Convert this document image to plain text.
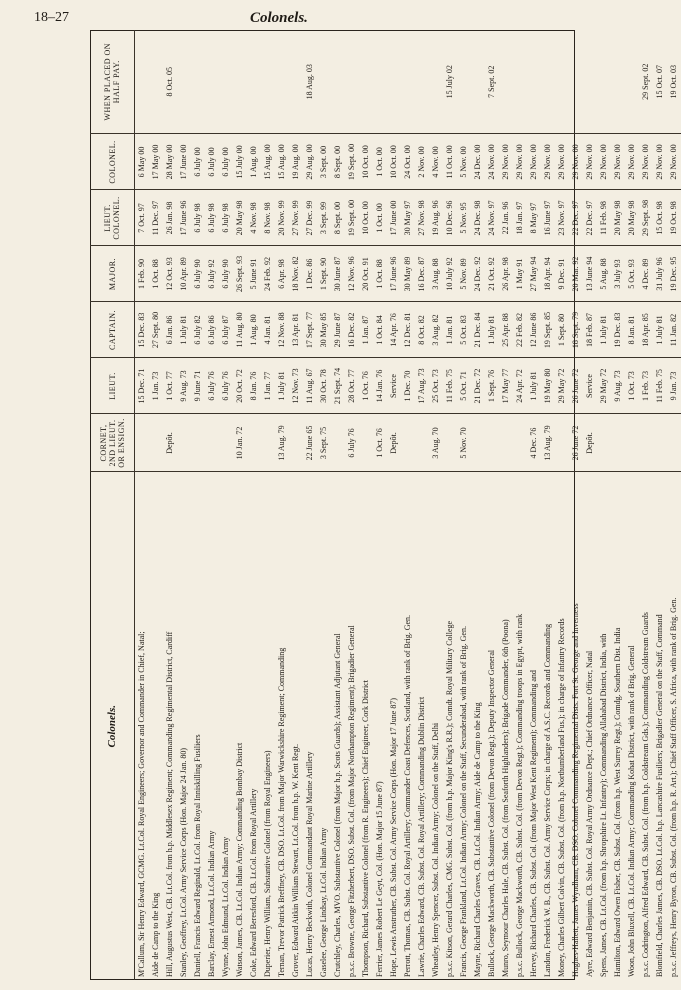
18–27	Colonels.
Colonels.	CORNET, 2ND LIEUT. OR ENSIGN.	LIEUT.	CAPTAIN.	MAJOR.	LIEUT. COLONEL.	COLONEL.	WHEN PLACED ON HALF PAY.
M'Callum, Sir Henry Edward, GCMG. Lt.Col. Royal Engineers; Governor and Commander in Chief, Natal;		15 Dec. 71	15 Dec. 83	1 Feb. 90	7 Oct. 97	6 May 00	
Aide de Camp to the King		1 Jan. 73	27 Sept. 80	1 Oct. 88	11 Dec. 97	17 May 00	
Hill, Augustus West, CB. Lt.Col. from h.p. Middlesex Regiment; Commanding Regimental District, Cardiff	Depôt.	1 Oct. 77	6 Jan. 86	12 Oct. 93	26 Jan. 98	28 May 00	8 Oct. 05
Stanley, Geoffrey, Lt.Col. Army Service Corps (Hon. Major 24 Jan. 80)		9 Aug. 73	1 July 81	10 Apr. 89	17 June 96	17 June 00	
Daniell, Francis Edward Reginald, Lt.Col. from Royal Inniskilling Fusiliers		9 June 71	6 July 82	6 July 90	6 July 98	6 July 00	
Barclay, Ernest Armond, Lt.Col. Indian Army		6 July 76	6 July 86	6 July 92	6 July 98	6 July 00	
Wynne, John Edmund, Lt.Col. Indian Army		6 July 76	6 July 87	6 July 90	6 July 98	6 July 00	
Watson, James, CB. Lt.Col. Indian Army; Commanding Bombay District	10 Jan. 72	20 Oct. 72	11 Aug. 80	26 Sept. 93	20 May 98	15 July 00	
Coke, Edward Beresford, CB. Lt.Col. from Royal Artillery		8 Jan. 76	1 Aug. 80	5 June 91	4 Nov. 98	1 Aug. 00	
Duperier, Henry William, Substantive Colonel (from Royal Engineers)		1 Jan. 77	4 Jan. 81	24 Feb. 92	8 Nov. 98	15 Aug. 00	
Ternan, Trevor Patrick Breffney, CB. DSO. Lt.Col. from Major Warwickshire Regiment; Commanding	13 Aug. 79	1 July 81	12 Nov. 88	6 Apr. 98	20 Nov. 99	15 Aug. 00	
Grover, Edward Aitkin William Stewart, Lt.Col. from h.p. W. Kent Regt.		12 Nov. 73	13 Apr. 81	18 Nov. 82	27 Nov. 99	19 Aug. 00	
Lucas, Henry Beckwith, Colonel Commandant Royal Marine Artillery	22 June 65	11 Aug. 67	17 Sept. 77	1 Dec. 86	27 Dec. 99	29 Aug. 00	18 Aug. 03
Gaselee, George Lindsay, Lt.Col. Indian Army	3 Sept. 75	30 Oct. 78	30 May 85	1 Sept. 90	3 Sept. 99	3 Sept. 00	
Crutchley, Charles, MVO. Substantive Colonel (from Major h.p. Scots Guards); Assistant Adjutant General		21 Sept. 74	29 June 87	30 June 87	8 Sept. 00	8 Sept. 00	
p.s.c. Browne, George Fitzherbert, DSO. Subst. Col. (from Major Northampton Regiment); Brigadier General	6 July 76	28 Oct. 77	16 Dec. 82	12 Nov. 96	19 Sept. 00	19 Sept. 00	
Thompson, Richard, Substantive Colonel (from R. Engineers); Chief Engineer, Cork District		1 Oct. 76	1 Jan. 87	20 Oct. 91	10 Oct. 00	10 Oct. 00	
Ferrier, James Robert Le Geyt, Col. (Hon. Major 15 June 87)	1 Oct. 76	14 Jan. 76	1 Oct. 84	1 Oct. 88	1 Oct. 00	1 Oct. 00	
Hope, Lewis Anstruther, CB. Subst. Col. Army Service Corps (Hon. Major 17 June 87)	Depôt.	Service	14 Apr. 76	17 June 96	17 June 00	10 Oct. 00	
Perrott, Thomas, CB. Subst. Col. Royal Artillery; Commander Coast Defences, Scotland, with rank of Brig. Gen.		1 Dec. 70	12 Dec. 81	30 May 89	30 May 97	24 Oct. 00	
Lawrie, Charles Edward, CB. Subst. Col. Royal Artillery; Commanding Dublin District		17 Aug. 73	8 Oct. 82	16 Dec. 87	27 Nov. 98	2 Nov. 00	
Wheatley, Henry Spencer, Subst. Col. Indian Army; Colonel on the Staff, Delhi	3 Aug. 70	25 Oct. 73	3 Aug. 82	3 Aug. 88	19 Aug. 96	4 Nov. 00	
p.s.c. Kitson, Gerard Charles, CMG. Subst. Col. (from h.p. Major King's R.R.); Comdt. Royal Military College		11 Feb. 75	1 Jan. 81	10 July 92	10 Dec. 96	11 Oct. 00	15 July 02
Francis, George Frankland, Lt.Col. Indian Army; Colonel on the Staff, Secunderabad, with rank of Brig. Gen.	5 Nov. 70	5 Oct. 71	5 Oct. 83	5 Nov. 89	5 Nov. 95	5 Nov. 00	
Mayne, Richard Charles Graves, CB. Lt.Col. Indian Army; Aide de Camp to the King		21 Dec. 72	21 Dec. 84	24 Dec. 92	24 Dec. 98	24 Dec. 00	
Bullock, George Mackworth, CB. Substantive Colonel (from Devon Regt.); Deputy Inspector General		1 Sept. 76	1 July 81	21 Oct. 92	24 Nov. 97	24 Nov. 00	7 Sept. 02
Munro, Seymour Charles Hale, CB. Subst. Col. (from Seaforth Highlanders); Brigade Commander, 6th (Poona)		17 May 77	25 Apr. 88	26 Apr. 98	22 Jan. 96	29 Nov. 00	
p.s.c. Bullock, George Mackworth, CB. Subst. Col. (from Devon Regt.); Commanding troops in Egypt, with rank		24 Apr. 72	22 Feb. 82	1 May 91	18 Jan. 97	29 Nov. 00	
Hervey, Richard Charles, CB. Subst. Col. (from Major West Kent Regiment); Commanding and	4 Dec. 76	1 July 81	12 June 86	27 May 94	8 May 97	29 Nov. 00	
Landon, Frederick W. B., CB. Subst. Col. Army Service Corps; in charge of A.S.C. Records and Commanding	13 Aug. 79	19 May 80	19 Sept. 85	18 Apr. 94	16 June 97	29 Nov. 00	
Money, Charles Gilbert Colvin, CB. Subst. Col. (from h.p. Northumberland Fus.); in charge of Infantry Records		29 May 72	1 Sept. 80	9 Dec. 91	23 Nov. 97	29 Nov. 00	
Hughes-Hallett, James Wyndham, CB. DSO. Colonel Commanding Regimental Dists. Fort St. George and Inverness	26 June 72	26 June 72	18 Sept. 79	20 Mar. 92	22 Dec. 97	29 Nov. 00	
Ayre, Edward Benjamin, CB. Subst. Col. Royal Army Ordnance Dept.; Chief Ordnance Officer, Natal	Depôt.	Service	18 Feb. 87	13 June 94	22 Dec. 97	29 Nov. 00	
Spens, James, CB. Lt.Col. (from h.p. Shropshire Lt. Infantry); Commanding Allahabad District, India, with		29 May 72	1 July 81	5 Aug. 88	11 Feb. 98	29 Nov. 00	
Hamilton, Edward Owen Fisher, CB. Subst. Col. (from h.p. West Surrey Regt.); Comdg. Southern Dist. India		9 Aug. 73	19 Dec. 83	3 July 93	20 May 98	29 Nov. 00	
Woon, John Bluxell, CB. Lt.Col. Indian Army; Commanding Kohat District, with rank of Brig. General		1 Oct. 73	8 Jan. 81	5 Oct. 93	20 May 98	29 Nov. 00	
p.s.c. Codrington, Alfred Edward, CB. Subst. Col. (from h.p. Coldstream Gds.); Commanding Coldstream Guards		1 Feb. 73	18 Apr. 85	4 Dec. 89	29 Sept. 98	29 Nov. 00	29 Sept. 02
Blomfield, Charles James, CB. DSO. Lt.Col. h.p. Lancashire Fusiliers; Brigadier General on the Staff, Command		11 Feb. 75	1 July 81	31 July 96	15 Oct. 98	29 Nov. 00	15 Oct. 07
p.s.c. Jeffreys, Henry Byron, CB. Subst. Col. (from h.p. R. Art.); Chief Staff Officer, S. Africa, with rank of Brig. Gen.		9 Jan. 73	11 Jan. 82	19 Dec. 95	19 Oct. 98	29 Nov. 00	19 Oct. 03
